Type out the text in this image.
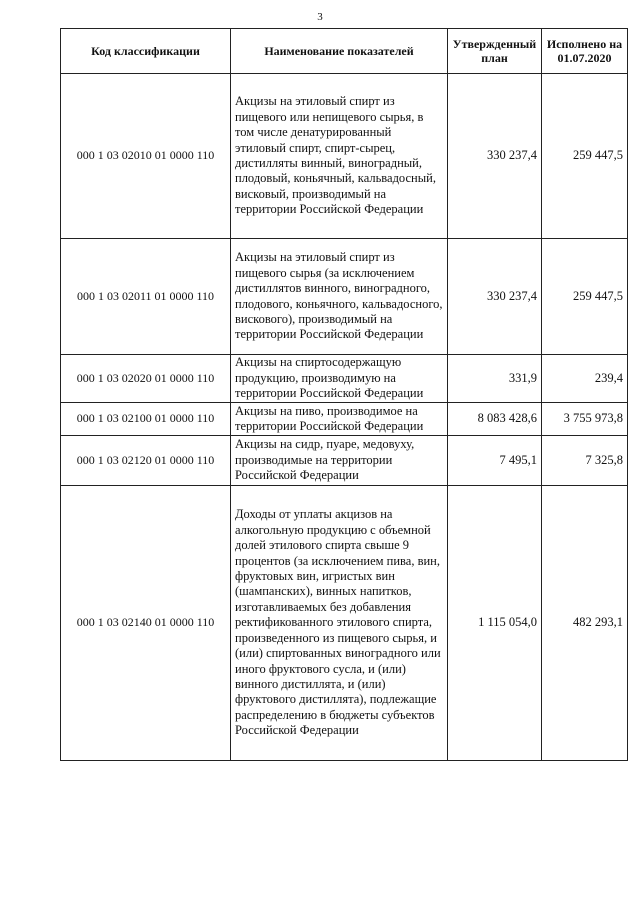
3
Код классификации	Наименование показателей	Утвержденный план	Исполнено на 01.07.2020
000 1 03 02010 01 0000 110	Акцизы на этиловый спирт из пищевого или непищевого сырья, в том числе денатурированный этиловый спирт, спирт-сырец, дистилляты винный, виноградный, плодовый, коньячный, кальвадосный, висковый, производимый на территории Российской Федерации	330 237,4	259 447,5
000 1 03 02011 01 0000 110	Акцизы на этиловый спирт из пищевого сырья (за исключением дистиллятов винного, виноградного, плодового, коньячного, кальвадосного, вискового), производимый на территории Российской Федерации	330 237,4	259 447,5
000 1 03 02020 01 0000 110	Акцизы на спиртосодержащую продукцию, производимую на территории Российской Федерации	331,9	239,4
000 1 03 02100 01 0000 110	Акцизы на пиво, производимое на территории Российской Федерации	8 083 428,6	3 755 973,8
000 1 03 02120 01 0000 110	Акцизы на сидр, пуаре, медовуху, производимые на территории Российской Федерации	7 495,1	7 325,8
000 1 03 02140 01 0000 110	Доходы от уплаты акцизов на алкогольную продукцию с объемной долей этилового спирта свыше 9 процентов (за исключением пива, вин, фруктовых вин, игристых вин (шампанских), винных напитков, изготавливаемых без добавления ректификованного этилового спирта, произведенного из пищевого сырья, и (или) спиртованных виноградного или иного фруктового сусла, и (или) винного дистиллята, и (или) фруктового дистиллята), подлежащие распределению в бюджеты субъектов Российской Федерации	1 115 054,0	482 293,1
